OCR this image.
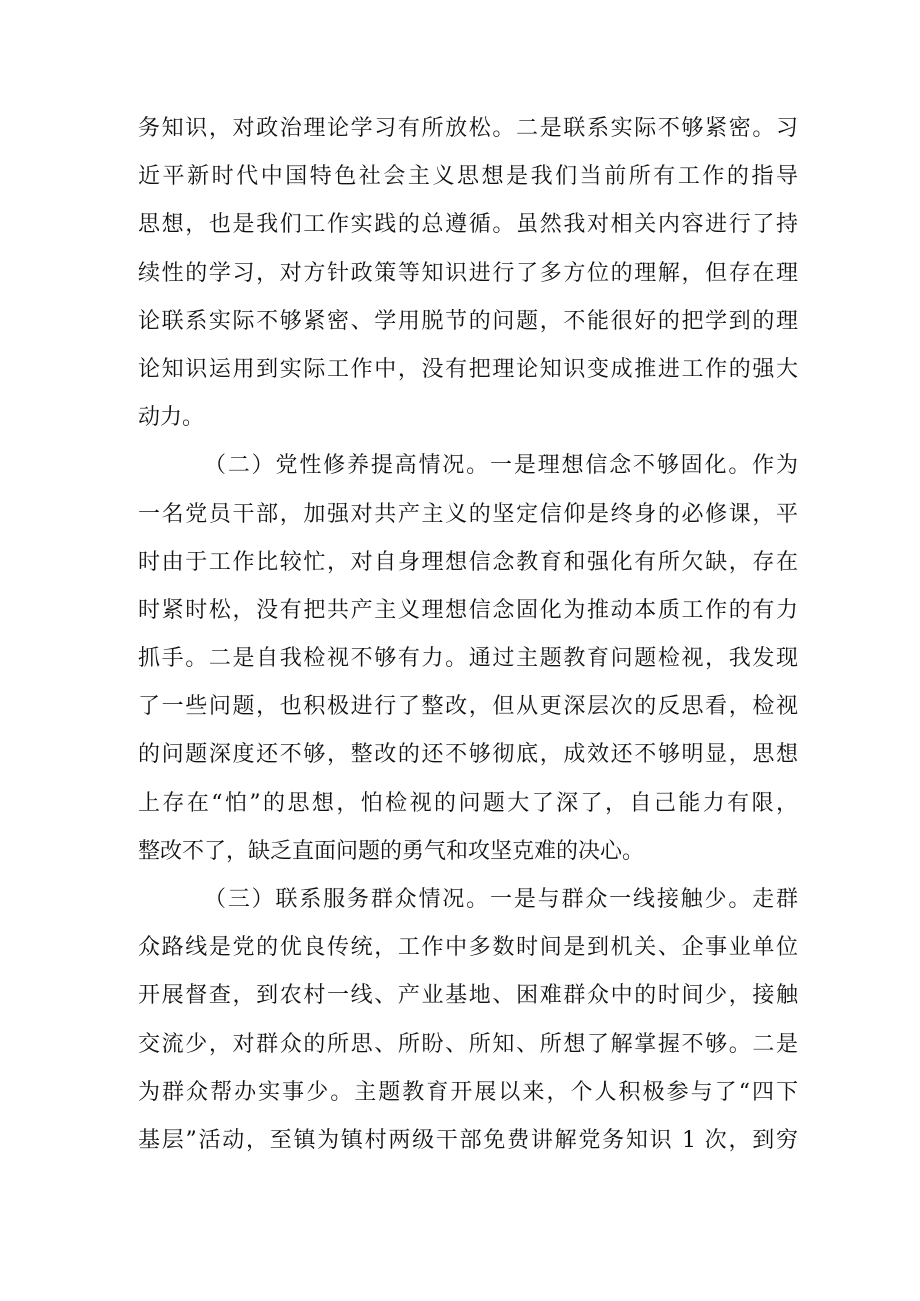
务知识，对政治理论学习有所放松。二是联系实际不够紧密。习
近平新时代中国特色社会主义思想是我们当前所有工作的指导
思想，也是我们工作实践的总遵循。虽然我对相关内容进行了持
续性的学习，对方针政策等知识进行了多方位的理解，但存在理
论联系实际不够紧密、学用脱节的问题，不能很好的把学到的理
论知识运用到实际工作中，没有把理论知识变成推进工作的强大
动力。
（二）党性修养提高情况。一是理想信念不够固化。作为
一名党员干部，加强对共产主义的坚定信仰是终身的必修课，平
时由于工作比较忙，对自身理想信念教育和强化有所欠缺，存在
时紧时松，没有把共产主义理想信念固化为推动本质工作的有力
抓手。二是自我检视不够有力。通过主题教育问题检视，我发现
了一些问题，也积极进行了整改，但从更深层次的反思看，检视
的问题深度还不够，整改的还不够彻底，成效还不够明显，思想
上存在“怕”的思想，怕检视的问题大了深了，自己能力有限，
整改不了，缺乏直面问题的勇气和攻坚克难的决心。
（三）联系服务群众情况。一是与群众一线接触少。走群
众路线是党的优良传统，工作中多数时间是到机关、企事业单位
开展督查，到农村一线、产业基地、困难群众中的时间少，接触
交流少，对群众的所思、所盼、所知、所想了解掌握不够。二是
为群众帮办实事少。主题教育开展以来，个人积极参与了“四下
基层”活动，至镇为镇村两级干部免费讲解党务知识 1 次，到穷
